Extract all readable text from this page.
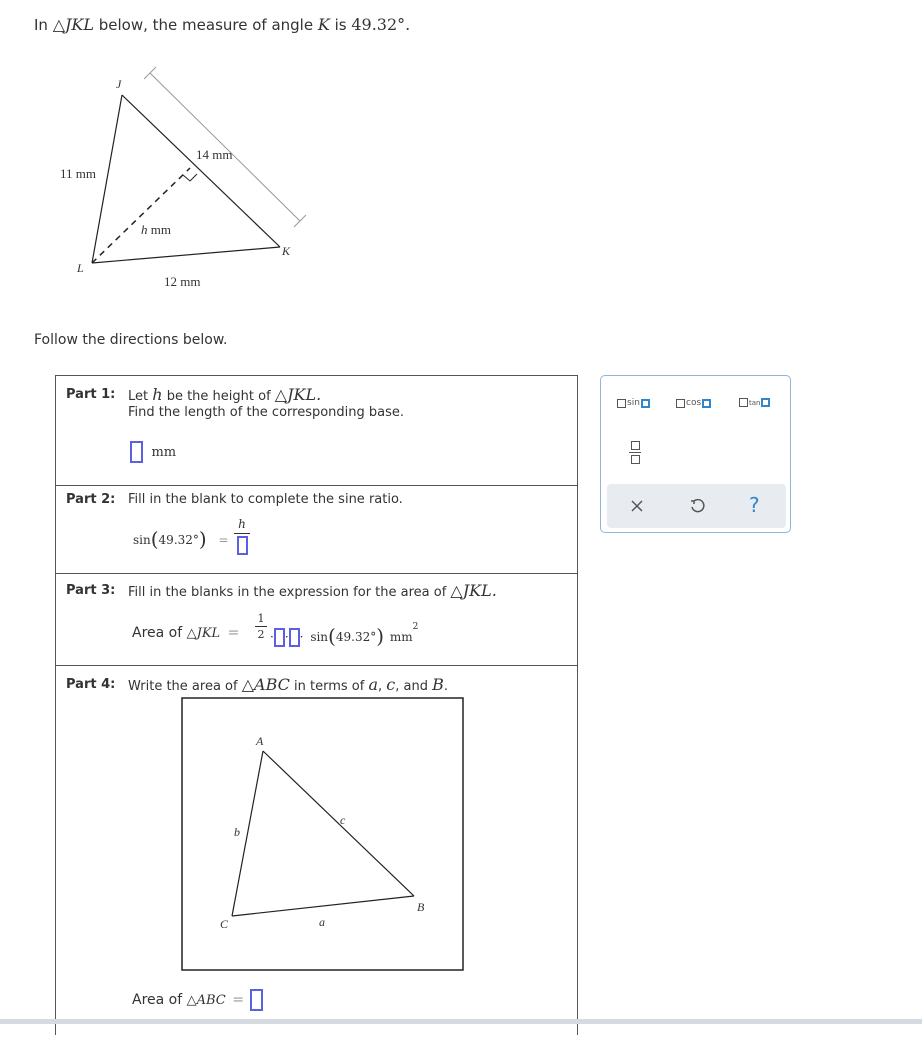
In △JKL below, the measure of angle K is 49.32°.
J
K
L
14 mm
11 mm
12 mm
h mm
Follow the directions below.
Part 1: Let h be the height of △JKL.
Find the length of the corresponding base.
mm
Part 2: Fill in the blank to complete the sine ratio.
sin(49.32°) =
h
Part 3: Fill in the blanks in the expression for the area of △JKL.
Area of △JKL =
1
2 · · · sin(49.32°) $mm^2$
Part 4: Write the area of △ABC in terms of a, c, and B.
A
B
C	a
b
c
Area of △ABC =
sin	cos	tan
?
